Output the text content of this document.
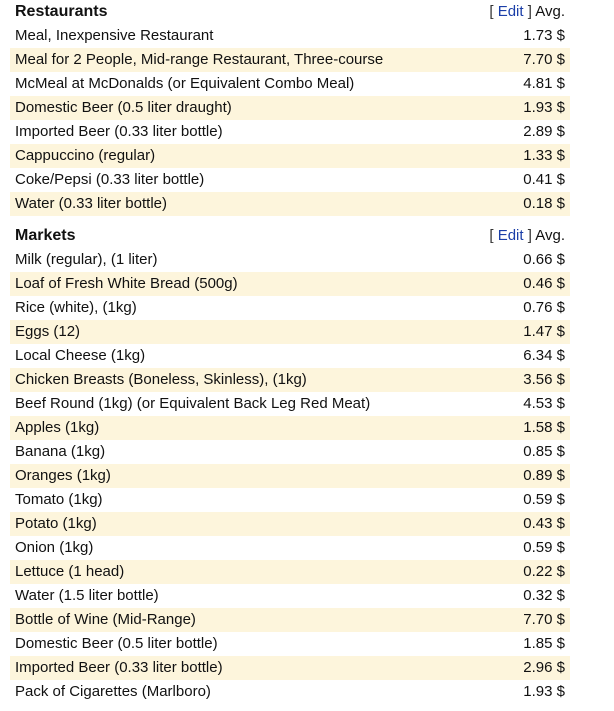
Restaurants	[ Edit ] Avg.
Meal, Inexpensive Restaurant	1.73 $
Meal for 2 People, Mid-range Restaurant, Three-course	7.70 $
McMeal at McDonalds (or Equivalent Combo Meal)	4.81 $
Domestic Beer (0.5 liter draught)	1.93 $
Imported Beer (0.33 liter bottle)	2.89 $
Cappuccino (regular)	1.33 $
Coke/Pepsi (0.33 liter bottle)	0.41 $
Water (0.33 liter bottle)	0.18 $

Markets	[ Edit ] Avg.
Milk (regular), (1 liter)	0.66 $
Loaf of Fresh White Bread (500g)	0.46 $
Rice (white), (1kg)	0.76 $
Eggs (12)	1.47 $
Local Cheese (1kg)	6.34 $
Chicken Breasts (Boneless, Skinless), (1kg)	3.56 $
Beef Round (1kg) (or Equivalent Back Leg Red Meat)	4.53 $
Apples (1kg)	1.58 $
Banana (1kg)	0.85 $
Oranges (1kg)	0.89 $
Tomato (1kg)	0.59 $
Potato (1kg)	0.43 $
Onion (1kg)	0.59 $
Lettuce (1 head)	0.22 $
Water (1.5 liter bottle)	0.32 $
Bottle of Wine (Mid-Range)	7.70 $
Domestic Beer (0.5 liter bottle)	1.85 $
Imported Beer (0.33 liter bottle)	2.96 $
Pack of Cigarettes (Marlboro)	1.93 $
